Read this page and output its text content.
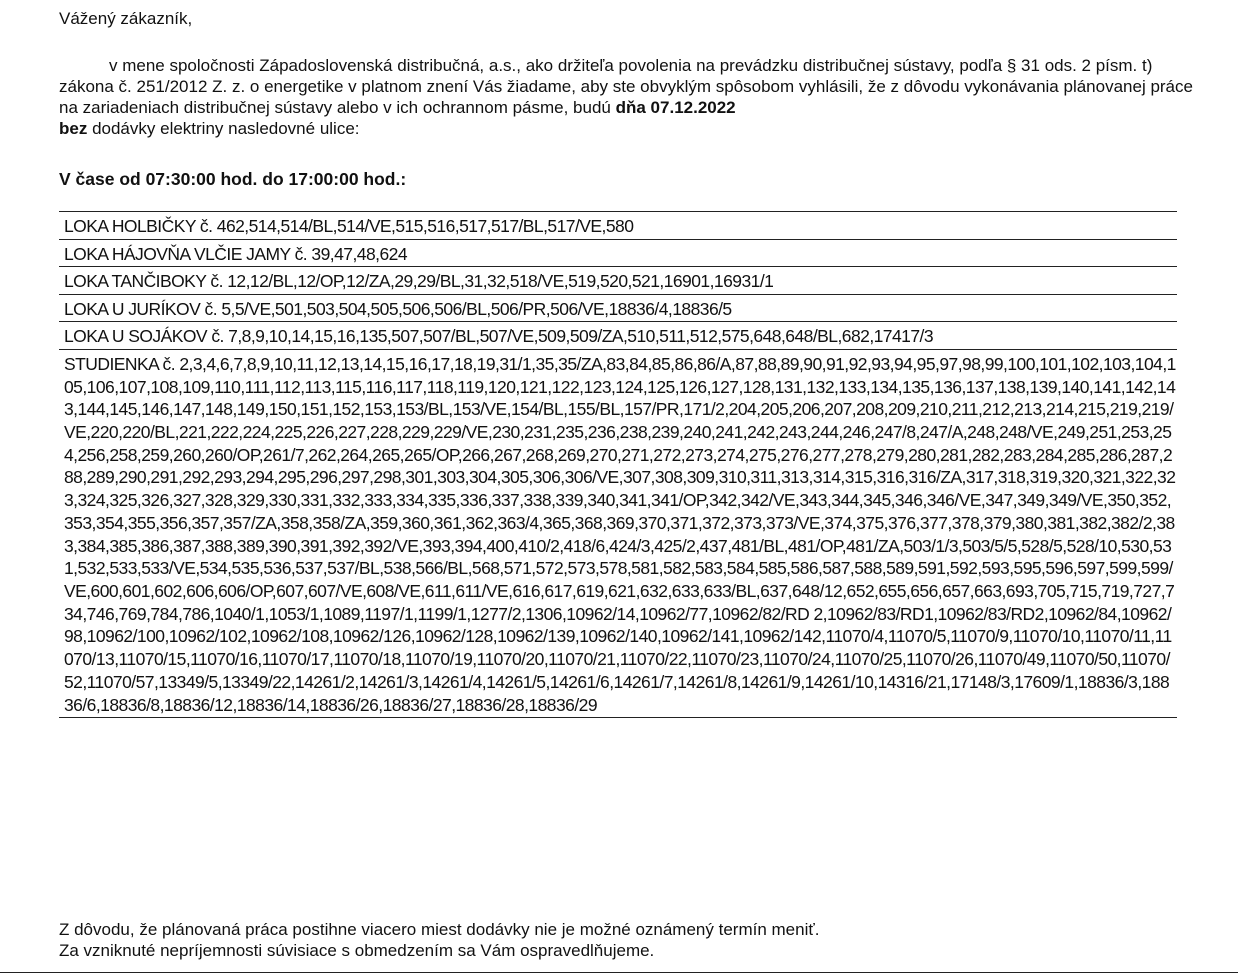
Vážený zákazník,
v mene spoločnosti Západoslovenská distribučná, a.s., ako držiteľa povolenia na prevádzku distribučnej sústavy, podľa § 31 ods. 2 písm. t) zákona č. 251/2012 Z. z. o energetike v platnom znení Vás žiadame, aby ste obvyklým spôsobom vyhlásili, že z dôvodu vykonávania plánovanej práce na zariadeniach distribučnej sústavy alebo v ich ochrannom pásme, budú dňa 07.12.2022
bez dodávky elektriny nasledovné ulice:
V čase od 07:30:00 hod. do 17:00:00 hod.:
LOKA HOLBIČKY č. 462,514,514/BL,514/VE,515,516,517,517/BL,517/VE,580
LOKA HÁJOVŇA VLČIE JAMY č. 39,47,48,624
LOKA TANČIBOKY č. 12,12/BL,12/OP,12/ZA,29,29/BL,31,32,518/VE,519,520,521,16901,16931/1
LOKA U JURÍKOV č. 5,5/VE,501,503,504,505,506,506/BL,506/PR,506/VE,18836/4,18836/5
LOKA U SOJÁKOV č. 7,8,9,10,14,15,16,135,507,507/BL,507/VE,509,509/ZA,510,511,512,575,648,648/BL,682,17417/3
STUDIENKA č. 2,3,4,6,7,8,9,10,11,12,13,14,15,16,17,18,19,31/1,35,35/ZA,83,84,85,86,86/A,87,88,89,90,91,92,93,94,95,97,98,99,100,101,102,103,104,105,106,107,108,109,110,111,112,113,115,116,117,118,119,120,121,122,123,124,125,126,127,128,131,132,133,134,135,136,137,138,139,140,141,142,143,144,145,146,147,148,149,150,151,152,153,153/BL,153/VE,154/BL,155/BL,157/PR,171/2,204,205,206,207,208,209,210,211,212,213,214,215,219,219/VE,220,220/BL,221,222,224,225,226,227,228,229,229/VE,230,231,235,236,238,239,240,241,242,243,244,246,247/8,247/A,248,248/VE,249,251,253,254,256,258,259,260,260/OP,261/7,262,264,265,265/OP,266,267,268,269,270,271,272,273,274,275,276,277,278,279,280,281,282,283,284,285,286,287,288,289,290,291,292,293,294,295,296,297,298,301,303,304,305,306,306/VE,307,308,309,310,311,313,314,315,316,316/ZA,317,318,319,320,321,322,323,324,325,326,327,328,329,330,331,332,333,334,335,336,337,338,339,340,341,341/OP,342,342/VE,343,344,345,346,346/VE,347,349,349/VE,350,352,353,354,355,356,357,357/ZA,358,358/ZA,359,360,361,362,363/4,365,368,369,370,371,372,373,373/VE,374,375,376,377,378,379,380,381,382,382/2,383,384,385,386,387,388,389,390,391,392,392/VE,393,394,400,410/2,418/6,424/3,425/2,437,481/BL,481/OP,481/ZA,503/1/3,503/5/5,528/5,528/10,530,531,532,533,533/VE,534,535,536,537,537/BL,538,566/BL,568,571,572,573,578,581,582,583,584,585,586,587,588,589,591,592,593,595,596,597,599,599/VE,600,601,602,606,606/OP,607,607/VE,608/VE,611,611/VE,616,617,619,621,632,633,633/BL,637,648/12,652,655,656,657,663,693,705,715,719,727,734,746,769,784,786,1040/1,1053/1,1089,1197/1,1199/1,1277/2,1306,10962/14,10962/77,10962/82/RD 2,10962/83/RD1,10962/83/RD2,10962/84,10962/98,10962/100,10962/102,10962/108,10962/126,10962/128,10962/139,10962/140,10962/141,10962/142,11070/4,11070/5,11070/9,11070/10,11070/11,11070/13,11070/15,11070/16,11070/17,11070/18,11070/19,11070/20,11070/21,11070/22,11070/23,11070/24,11070/25,11070/26,11070/49,11070/50,11070/52,11070/57,13349/5,13349/22,14261/2,14261/3,14261/4,14261/5,14261/6,14261/7,14261/8,14261/9,14261/10,14316/21,17148/3,17609/1,18836/3,18836/6,18836/8,18836/12,18836/14,18836/26,18836/27,18836/28,18836/29
Z dôvodu, že plánovaná práca postihne viacero miest dodávky nie je možné oznámený termín meniť.
Za vzniknuté nepríjemnosti súvisiace s obmedzením sa Vám ospravedlňujeme.
